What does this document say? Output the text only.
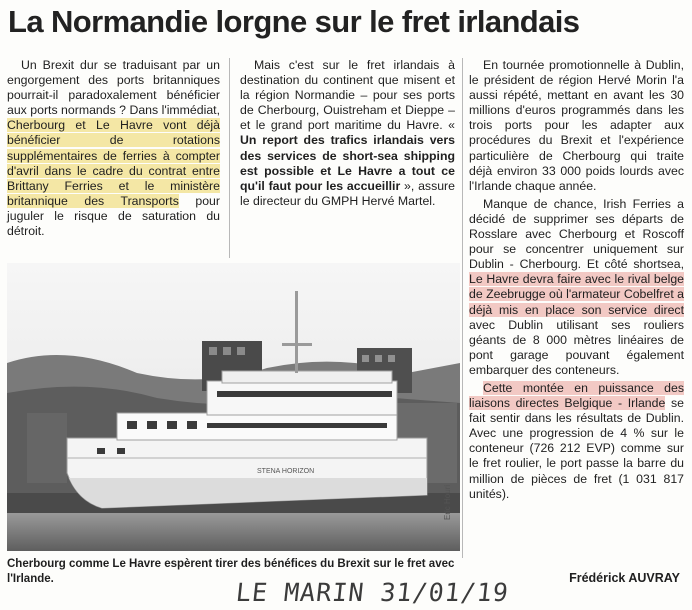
La Normandie lorgne sur le fret irlandais

Un Brexit dur se traduisant par un engorgement des ports britanniques pourrait-il paradoxalement bénéficier aux ports normands ? Dans l'immédiat, Cherbourg et Le Havre vont déjà bénéficier de rotations supplémentaires de ferries à compter d'avril dans le cadre du contrat entre Brittany Ferries et le ministère britannique des Transports pour juguler le risque de saturation du détroit.

Mais c'est sur le fret irlandais à destination du continent que misent et la région Normandie – pour ses ports de Cherbourg, Ouistreham et Dieppe – et le grand port maritime du Havre. « Un report des trafics irlandais vers des services de short-sea shipping est possible et Le Havre a tout ce qu'il faut pour les accueillir », assure le directeur du GMPH Hervé Martel.

En tournée promotionnelle à Dublin, le président de région Hervé Morin l'a aussi répété, mettant en avant les 30 millions d'euros programmés dans les trois ports pour les adapter aux procédures du Brexit et l'expérience particulière de Cherbourg qui traite déjà environ 33 000 poids lourds avec l'Irlande chaque année.

Manque de chance, Irish Ferries a décidé de supprimer ses départs de Rosslare avec Cherbourg et Roscoff pour se concentrer uniquement sur Dublin - Cherbourg. Et côté shortsea, Le Havre devra faire avec le rival belge de Zeebrugge où l'armateur Cobelfret a déjà mis en place son service direct avec Dublin utilisant ses rouliers géants de 8 000 mètres linéaires de pont garage pouvant également embarquer des conteneurs.

Cette montée en puissance des liaisons directes Belgique - Irlande se fait sentir dans les résultats de Dublin. Avec une progression de 4 % sur le conteneur (726 212 EVP) comme sur le fret roulier, le port passe la barre du million de pièces de fret (1 031 817 unités).

STENA HORIZON
Eric Houri
Cherbourg comme Le Havre espèrent tirer des bénéfices du Brexit sur le fret avec l'Irlande.	LE MARIN 31/01/19	Frédérick AUVRAY
